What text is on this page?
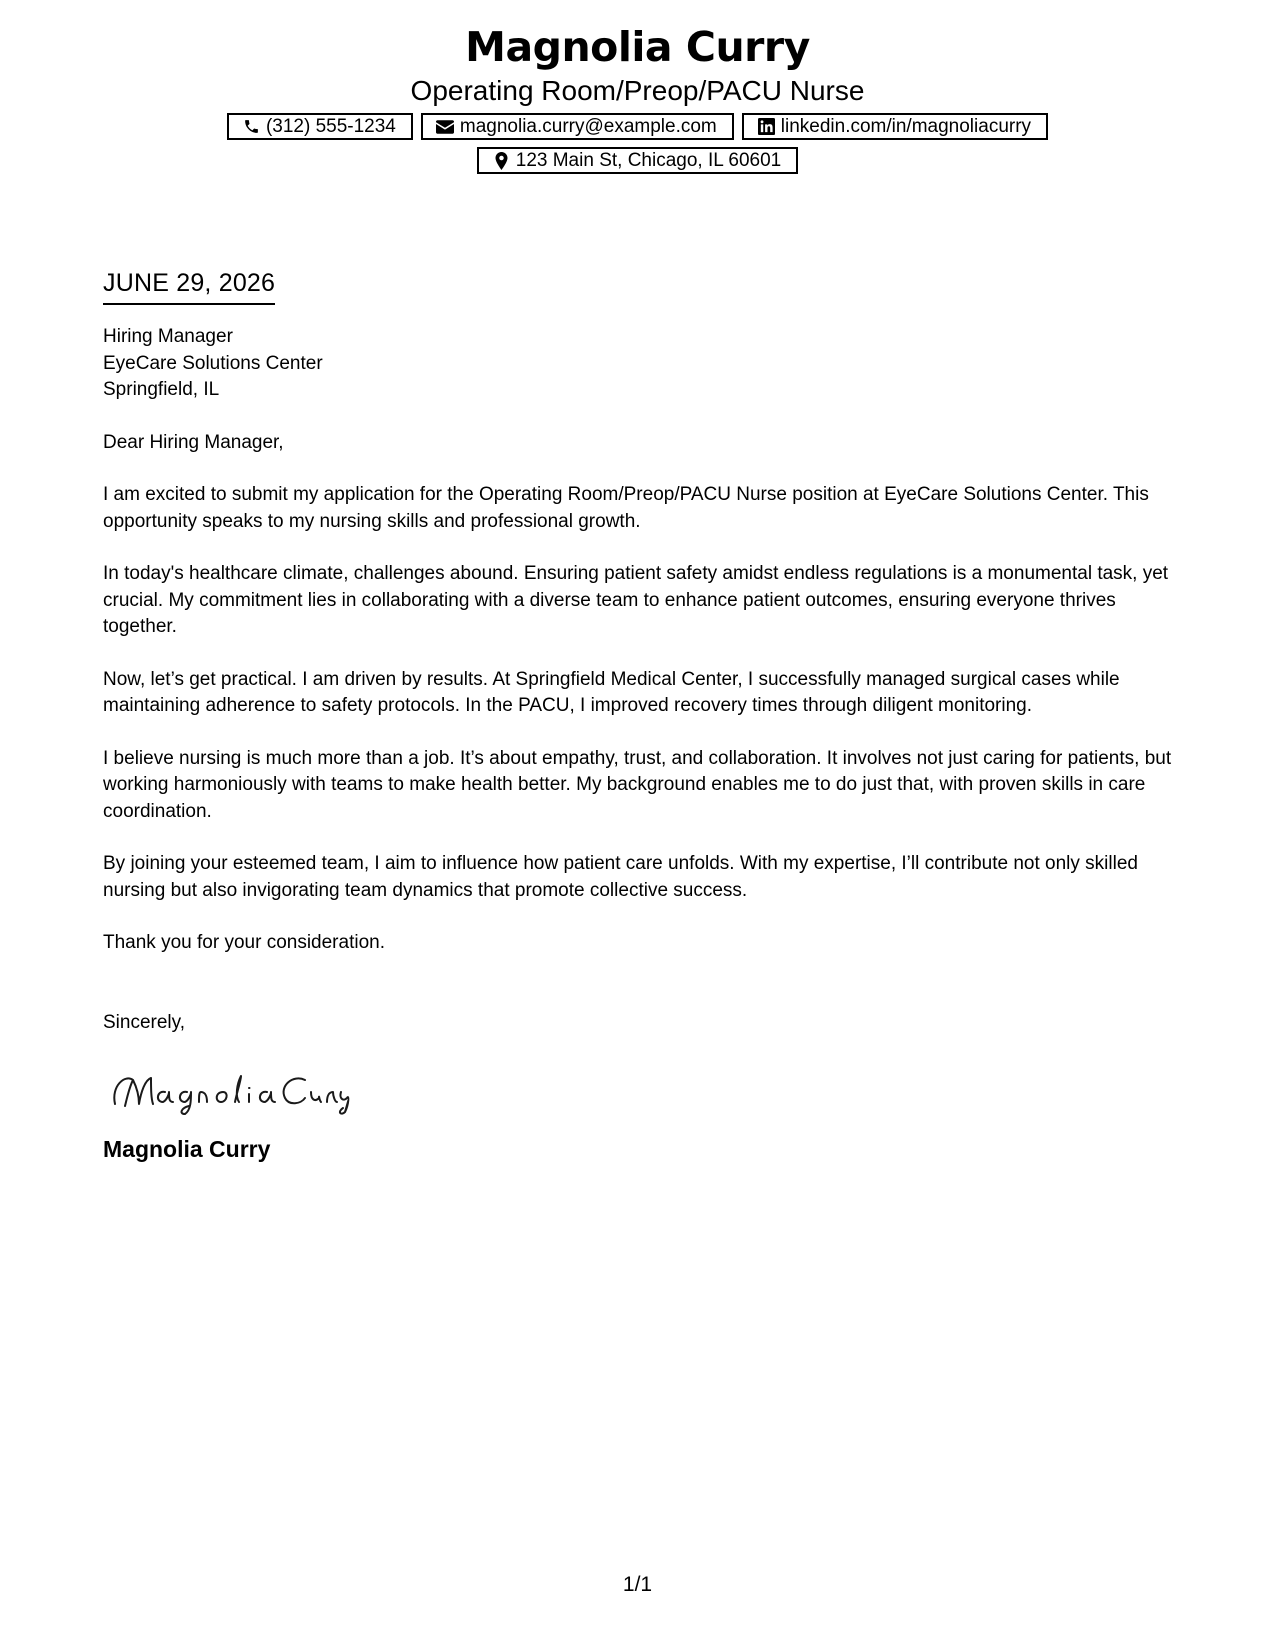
Magnolia Curry
Operating Room/Preop/PACU Nurse
(312) 555-1234	magnolia.curry@example.com	linkedin.com/in/magnoliacurry
123 Main St, Chicago, IL 60601
JUNE 29, 2026
Hiring Manager
EyeCare Solutions Center
Springfield, IL

Dear Hiring Manager,

I am excited to submit my application for the Operating Room/Preop/PACU Nurse position at EyeCare Solutions Center. This opportunity speaks to my nursing skills and professional growth.

In today's healthcare climate, challenges abound. Ensuring patient safety amidst endless regulations is a monumental task, yet crucial. My commitment lies in collaborating with a diverse team to enhance patient outcomes, ensuring everyone thrives together.

Now, let’s get practical. I am driven by results. At Springfield Medical Center, I successfully managed surgical cases while maintaining adherence to safety protocols. In the PACU, I improved recovery times through diligent monitoring.

I believe nursing is much more than a job. It’s about empathy, trust, and collaboration. It involves not just caring for patients, but working harmoniously with teams to make health better. My background enables me to do just that, with proven skills in care coordination.

By joining your esteemed team, I aim to influence how patient care unfolds. With my expertise, I’ll contribute not only skilled nursing but also invigorating team dynamics that promote collective success.

Thank you for your consideration.

Sincerely,
Magnolia Curry
1/1
